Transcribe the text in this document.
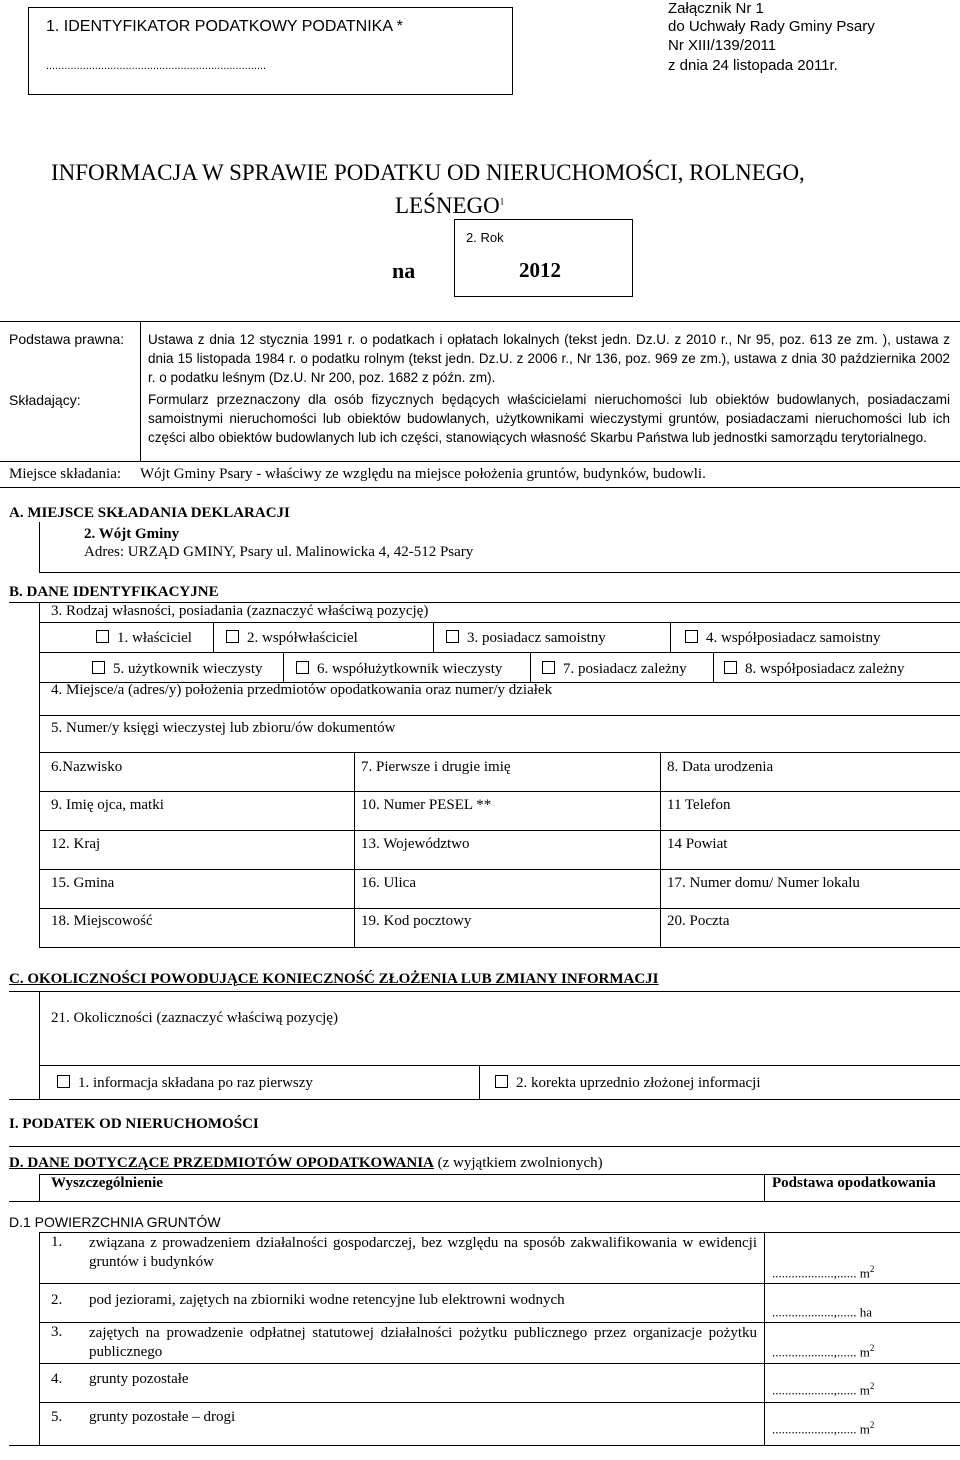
1. IDENTYFIKATOR PODATKOWY PODATNIKA *
........................................................................
Załącznik Nr 1
do Uchwały Rady Gminy Psary
Nr XIII/139/2011
z dnia 24 listopada 2011r.
INFORMACJA W SPRAWIE PODATKU OD NIERUCHOMOŚCI, ROLNEGO,
LEŚNEGO$^1$
na
2. Rok
2012
Podstawa prawna: Ustawa z dnia 12 stycznia 1991 r. o podatkach i opłatach lokalnych (tekst jedn. Dz.U. z 2010 r., Nr 95, poz. 613 ze zm. ), ustawa z dnia 15 listopada 1984 r. o podatku rolnym (tekst jedn. Dz.U. z 2006 r., Nr 136, poz. 969 ze zm.), ustawa z dnia 30 października 2002 r. o podatku leśnym (Dz.U. Nr 200, poz. 1682 z późn. zm).
Składający:	Formularz przeznaczony dla osób fizycznych będących właścicielami nieruchomości lub obiektów budowlanych, posiadaczami samoistnymi nieruchomości lub obiektów budowlanych, użytkownikami wieczystymi gruntów, posiadaczami nieruchomości lub ich części albo obiektów budowlanych lub ich części, stanowiących własność Skarbu Państwa lub jednostki samorządu terytorialnego.
Miejsce składania: Wójt Gminy Psary - właściwy ze względu na miejsce położenia gruntów, budynków, budowli.
A. MIEJSCE SKŁADANIA DEKLARACJI
2. Wójt Gminy
Adres: URZĄD GMINY, Psary ul. Malinowicka 4, 42-512 Psary
B. DANE IDENTYFIKACYJNE
3. Rodzaj własności, posiadania (zaznaczyć właściwą pozycję)
1. właściciel	2. współwłaściciel	3. posiadacz samoistny	4. współposiadacz samoistny
5. użytkownik wieczysty	6. współużytkownik wieczysty	7. posiadacz zależny	8. współposiadacz zależny
4. Miejsce/a (adres/y) położenia przedmiotów opodatkowania oraz numer/y działek
5. Numer/y księgi wieczystej lub zbioru/ów dokumentów
6.Nazwisko	7. Pierwsze i drugie imię	8. Data urodzenia
9. Imię ojca, matki	10. Numer PESEL **	11 Telefon
12. Kraj	13. Województwo	14 Powiat
15. Gmina	16. Ulica	17. Numer domu/ Numer lokalu
18. Miejscowość	19. Kod pocztowy	20. Poczta
C. OKOLICZNOŚCI POWODUJĄCE KONIECZNOŚĆ ZŁOŻENIA LUB ZMIANY INFORMACJI
21. Okoliczności (zaznaczyć właściwą pozycję)
1. informacja składana po raz pierwszy	2. korekta uprzednio złożonej informacji
I. PODATEK OD NIERUCHOMOŚCI
D. DANE DOTYCZĄCE PRZEDMIOTÓW OPODATKOWANIA (z wyjątkiem zwolnionych)
Wyszczególnienie	Podstawa opodatkowania
D.1 POWIERZCHNIA GRUNTÓW
1. związana z prowadzeniem działalności gospodarczej, bez względu na sposób zakwalifikowania w ewidencji gruntów i budynków
...................,...... $m^2$
2. pod jeziorami, zajętych na zbiorniki wodne retencyjne lub elektrowni wodnych
...................,...... ha
3. zajętych na prowadzenie odpłatnej statutowej działalności pożytku publicznego przez organizacje pożytku publicznego	...................,...... $m^2$
4. grunty pozostałe
...................,...... $m^2$
5. grunty pozostałe – drogi
...................,...... $m^2$
